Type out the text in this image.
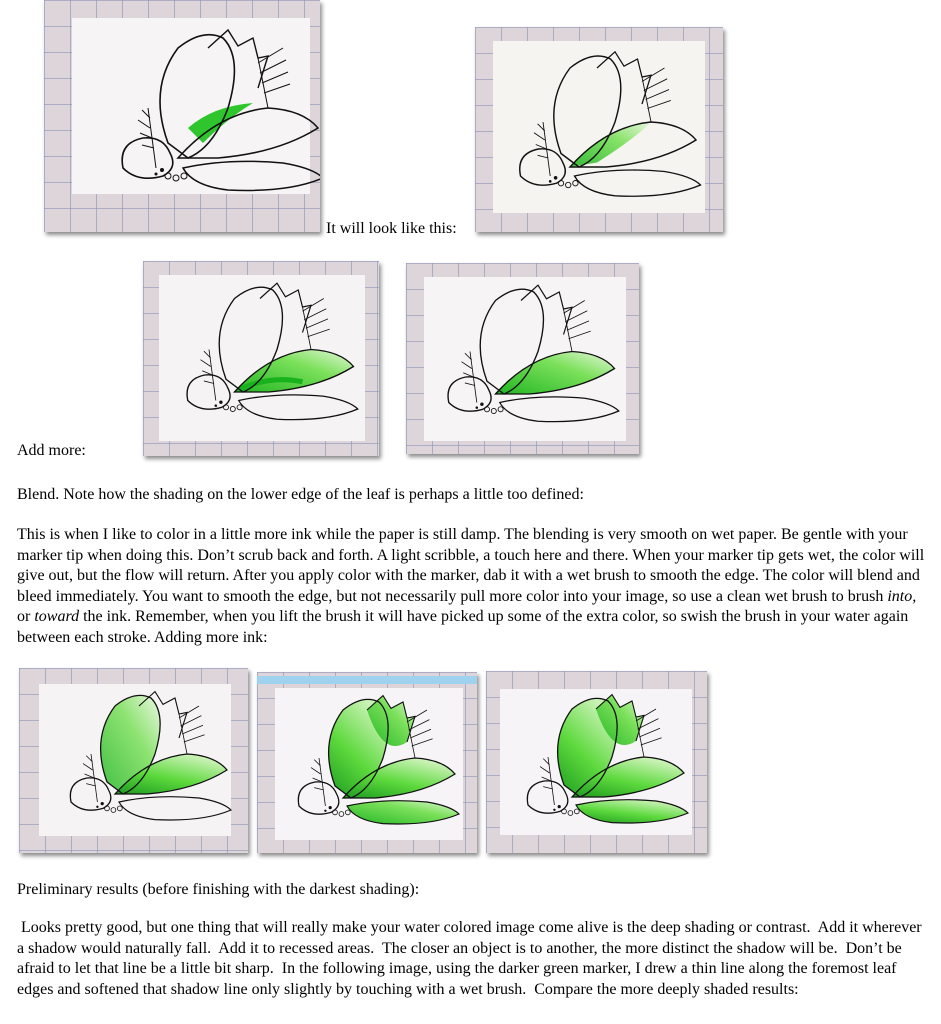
It will look like this:
Add more:
Blend. Note how the shading on the lower edge of the leaf is perhaps a little too defined:
This is when I like to color in a little more ink while the paper is still damp. The blending is very smooth on wet paper. Be gentle with your marker tip when doing this. Don’t scrub back and forth. A light scribble, a touch here and there. When your marker tip gets wet, the color will give out, but the flow will return. After you apply color with the marker, dab it with a wet brush to smooth the edge. The color will blend and bleed immediately. You want to smooth the edge, but not necessarily pull more color into your image, so use a clean wet brush to brush into, or toward the ink. Remember, when you lift the brush it will have picked up some of the extra color, so swish the brush in your water again between each stroke. Adding more ink:
Preliminary results (before finishing with the darkest shading):
Looks pretty good, but one thing that will really make your water colored image come alive is the deep shading or contrast.  Add it wherever a shadow would naturally fall.  Add it to recessed areas.  The closer an object is to another, the more distinct the shadow will be.  Don’t be afraid to let that line be a little bit sharp.  In the following image, using the darker green marker, I drew a thin line along the foremost leaf edges and softened that shadow line only slightly by touching with a wet brush.  Compare the more deeply shaded results:
